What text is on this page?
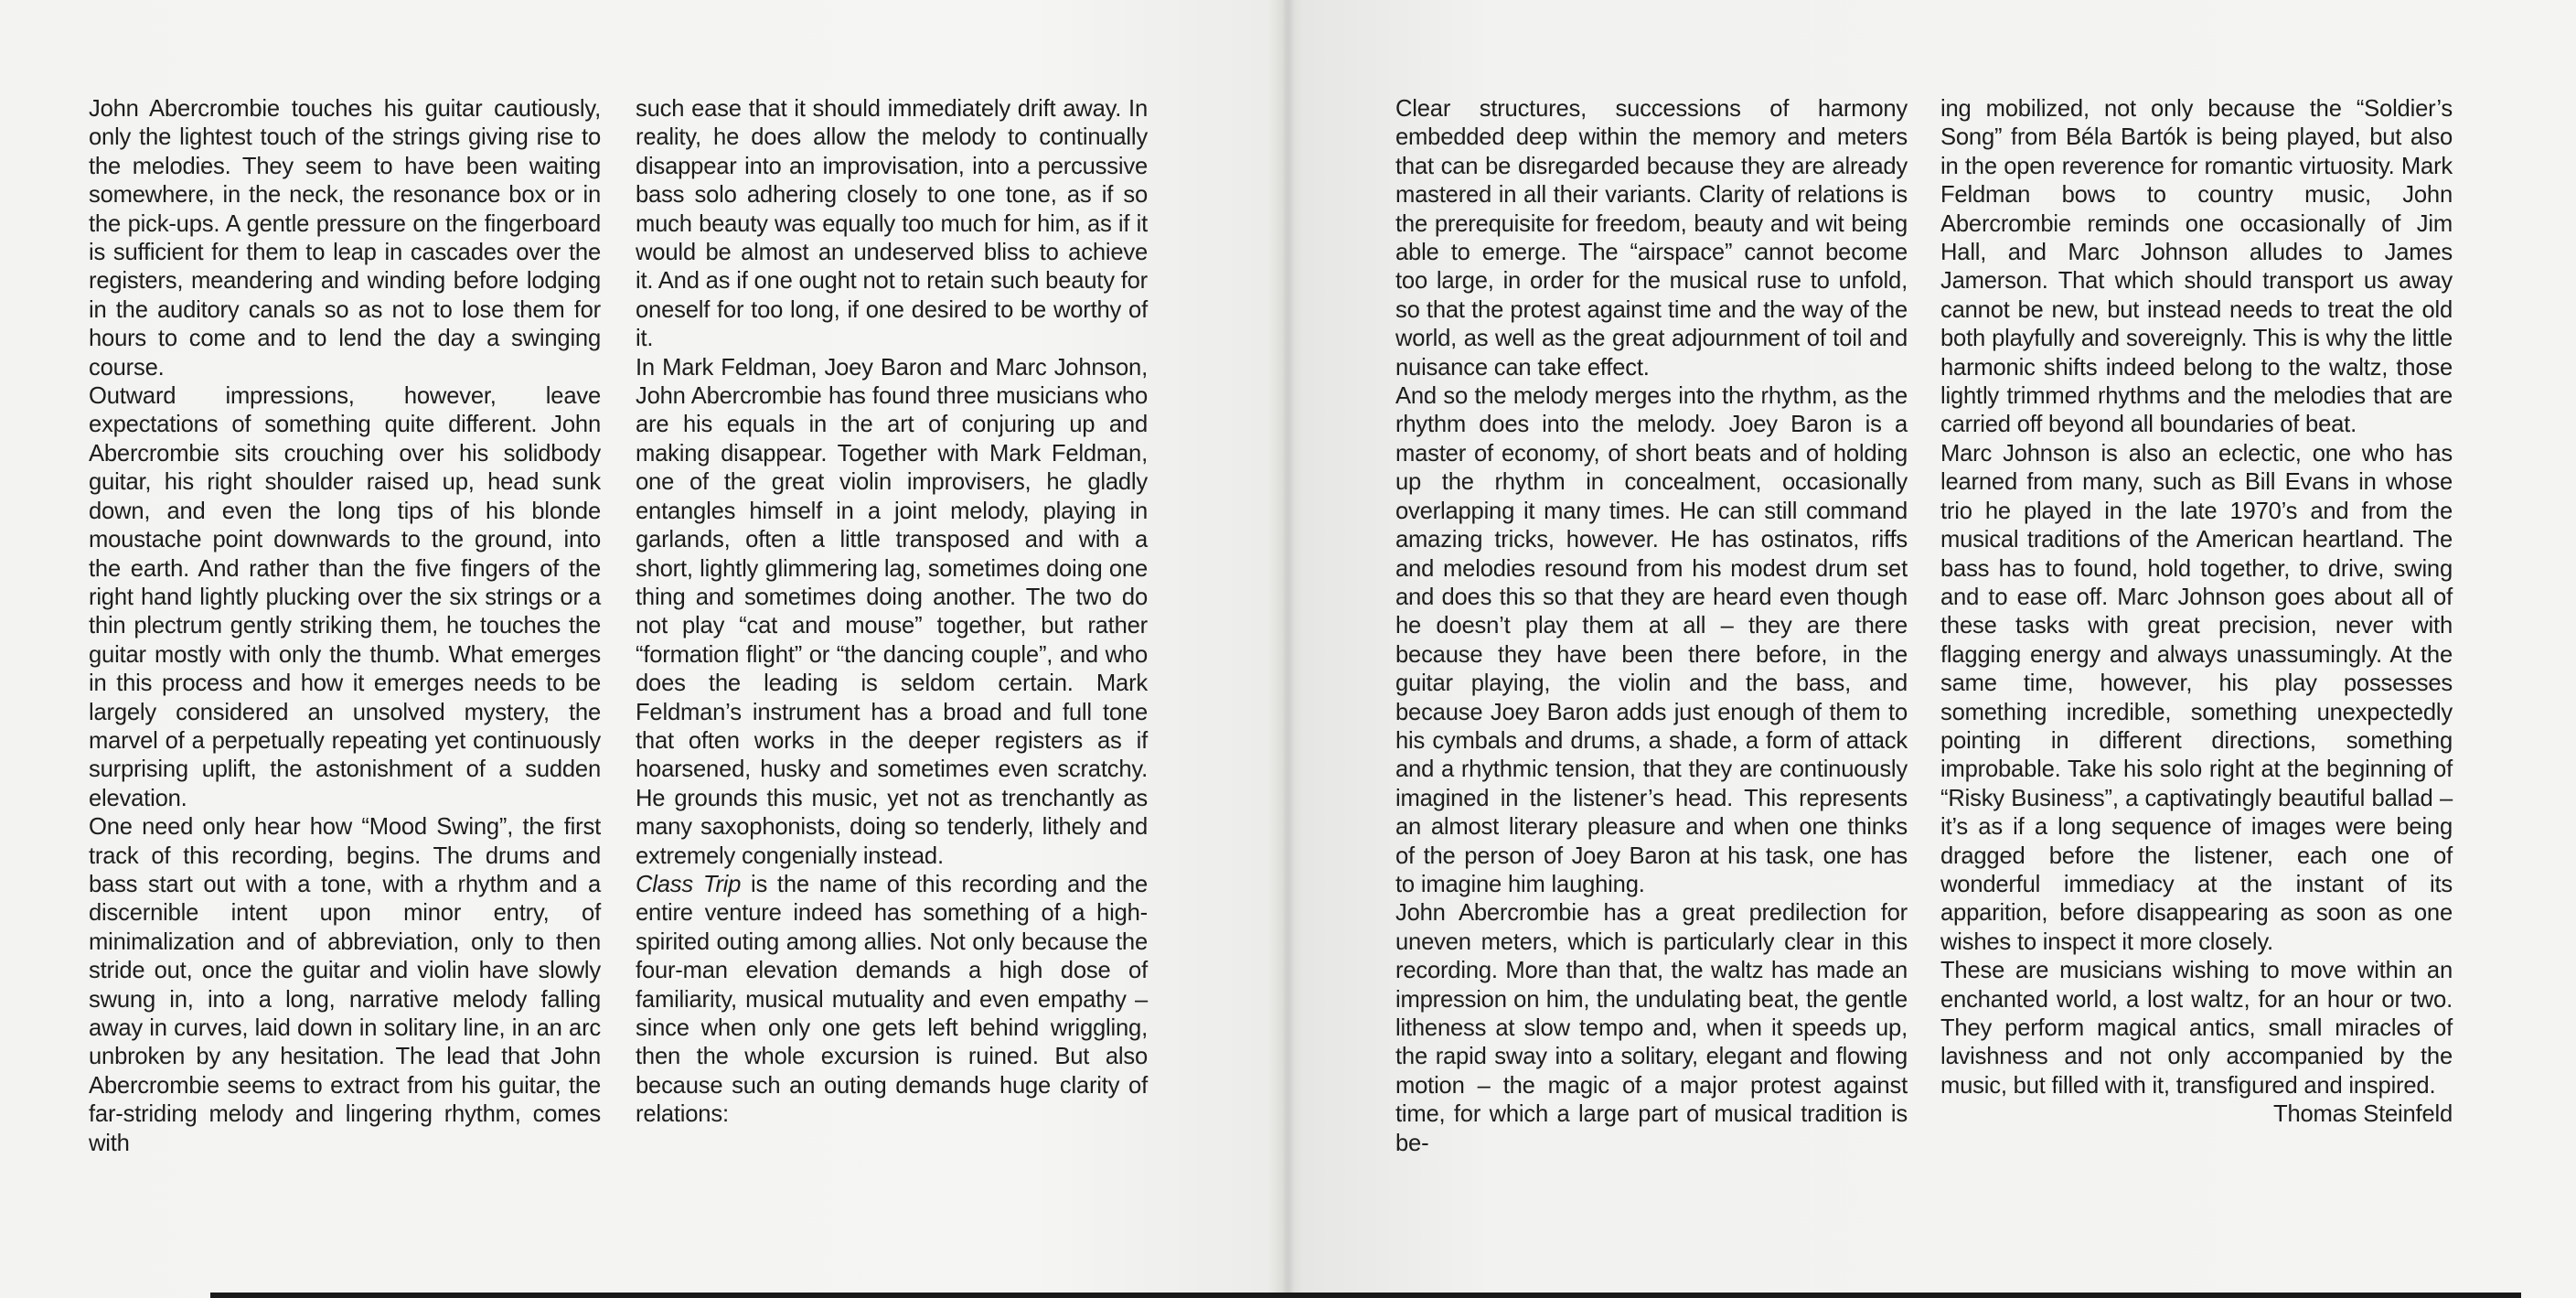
John Abercrombie touches his guitar cautiously, only the lightest touch of the strings giving rise to the melodies. They seem to have been waiting somewhere, in the neck, the resonance box or in the pick-ups. A gentle pressure on the fingerboard is sufficient for them to leap in cascades over the registers, meandering and winding before lodging in the auditory canals so as not to lose them for hours to come and to lend the day a swinging course.

Outward impressions, however, leave expectations of something quite different. John Abercrombie sits crouching over his solidbody guitar, his right shoulder raised up, head sunk down, and even the long tips of his blonde moustache point downwards to the ground, into the earth. And rather than the five fingers of the right hand lightly plucking over the six strings or a thin plectrum gently striking them, he touches the guitar mostly with only the thumb. What emerges in this process and how it emerges needs to be largely considered an unsolved mystery, the marvel of a perpetually repeating yet continuously surprising uplift, the astonishment of a sudden elevation.

One need only hear how “Mood Swing”, the first track of this recording, begins. The drums and bass start out with a tone, with a rhythm and a discernible intent upon minor entry, of minimalization and of abbreviation, only to then stride out, once the guitar and violin have slowly swung in, into a long, narrative melody falling away in curves, laid down in solitary line, in an arc unbroken by any hesitation. The lead that John Abercrombie seems to extract from his guitar, the far-striding melody and lingering rhythm, comes with

such ease that it should immediately drift away. In reality, he does allow the melody to continually disappear into an improvisation, into a percussive bass solo adhering closely to one tone, as if so much beauty was equally too much for him, as if it would be almost an undeserved bliss to achieve it. And as if one ought not to retain such beauty for oneself for too long, if one desired to be worthy of it.

In Mark Feldman, Joey Baron and Marc Johnson, John Abercrombie has found three musicians who are his equals in the art of conjuring up and making disappear. Together with Mark Feldman, one of the great violin improvisers, he gladly entangles himself in a joint melody, playing in garlands, often a little transposed and with a short, lightly glimmering lag, sometimes doing one thing and sometimes doing another. The two do not play “cat and mouse” together, but rather “formation flight” or “the dancing couple”, and who does the leading is seldom certain. Mark Feldman’s instrument has a broad and full tone that often works in the deeper registers as if hoarsened, husky and sometimes even scratchy. He grounds this music, yet not as trenchantly as many saxophonists, doing so tenderly, lithely and extremely congenially instead.

Class Trip is the name of this recording and the entire venture indeed has something of a high-spirited outing among allies. Not only because the four-man elevation demands a high dose of familiarity, musical mutuality and even empathy – since when only one gets left behind wriggling, then the whole excursion is ruined. But also because such an outing demands huge clarity of relations:

Clear structures, successions of harmony embedded deep within the memory and meters that can be disregarded because they are already mastered in all their variants. Clarity of relations is the prerequisite for freedom, beauty and wit being able to emerge. The “airspace” cannot become too large, in order for the musical ruse to unfold, so that the protest against time and the way of the world, as well as the great adjournment of toil and nuisance can take effect.

And so the melody merges into the rhythm, as the rhythm does into the melody. Joey Baron is a master of economy, of short beats and of holding up the rhythm in concealment, occasionally overlapping it many times. He can still command amazing tricks, however. He has ostinatos, riffs and melodies resound from his modest drum set and does this so that they are heard even though he doesn’t play them at all – they are there because they have been there before, in the guitar playing, the violin and the bass, and because Joey Baron adds just enough of them to his cymbals and drums, a shade, a form of attack and a rhythmic tension, that they are continuously imagined in the listener’s head. This represents an almost literary pleasure and when one thinks of the person of Joey Baron at his task, one has to imagine him laughing.

John Abercrombie has a great predilection for uneven meters, which is particularly clear in this recording. More than that, the waltz has made an impression on him, the undulating beat, the gentle litheness at slow tempo and, when it speeds up, the rapid sway into a solitary, elegant and flowing motion – the magic of a major protest against time, for which a large part of musical tradition is be-

ing mobilized, not only because the “Soldier’s Song” from Béla Bartók is being played, but also in the open reverence for romantic virtuosity. Mark Feldman bows to country music, John Abercrombie reminds one occasionally of Jim Hall, and Marc Johnson alludes to James Jamerson. That which should transport us away cannot be new, but instead needs to treat the old both playfully and sovereignly. This is why the little harmonic shifts indeed belong to the waltz, those lightly trimmed rhythms and the melodies that are carried off beyond all boundaries of beat.

Marc Johnson is also an eclectic, one who has learned from many, such as Bill Evans in whose trio he played in the late 1970’s and from the musical traditions of the American heartland. The bass has to found, hold together, to drive, swing and to ease off. Marc Johnson goes about all of these tasks with great precision, never with flagging energy and always unassumingly. At the same time, however, his play possesses something incredible, something unexpectedly pointing in different directions, something improbable. Take his solo right at the beginning of “Risky Business”, a captivatingly beautiful ballad – it’s as if a long sequence of images were being dragged before the listener, each one of wonderful immediacy at the instant of its apparition, before disappearing as soon as one wishes to inspect it more closely.

These are musicians wishing to move within an enchanted world, a lost waltz, for an hour or two. They perform magical antics, small miracles of lavishness and not only accompanied by the music, but filled with it, transfigured and inspired.

Thomas Steinfeld
